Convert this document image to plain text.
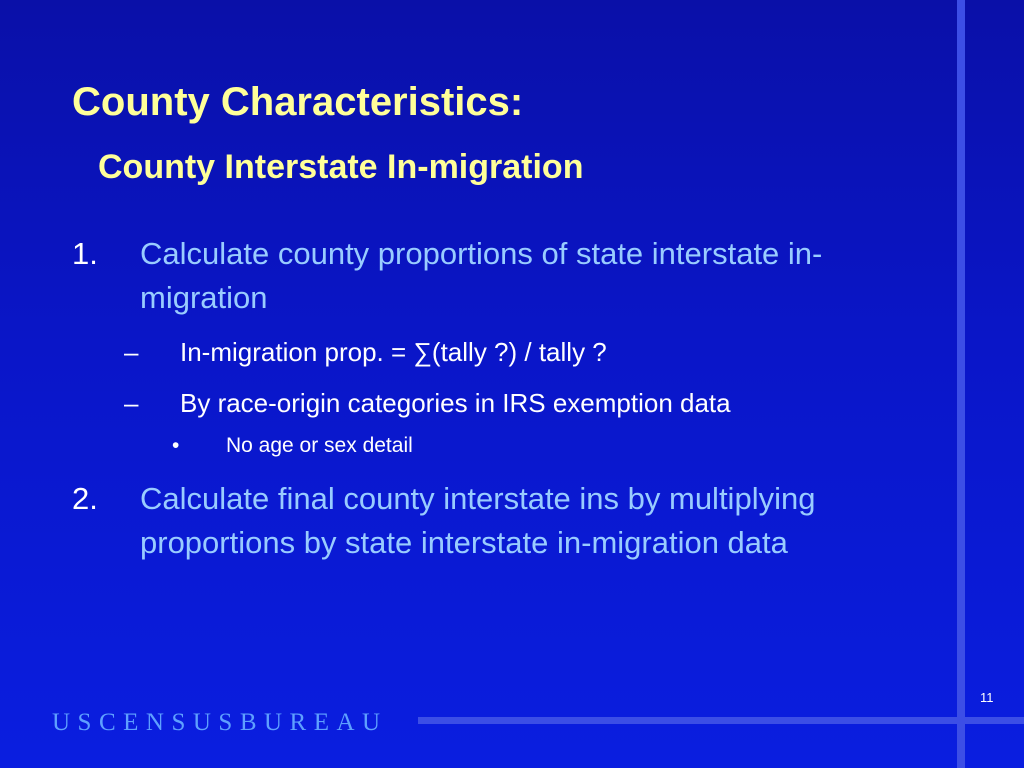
County Characteristics:
County Interstate In-migration
1.	Calculate county proportions of state interstate in-migration
–	In-migration prop. = ∑(tally ?) / tally ?
–	By race-origin categories in IRS exemption data
•	No age or sex detail
2.	Calculate final county interstate ins by multiplying proportions by state interstate in-migration data
11
USCENSUSBUREAU
